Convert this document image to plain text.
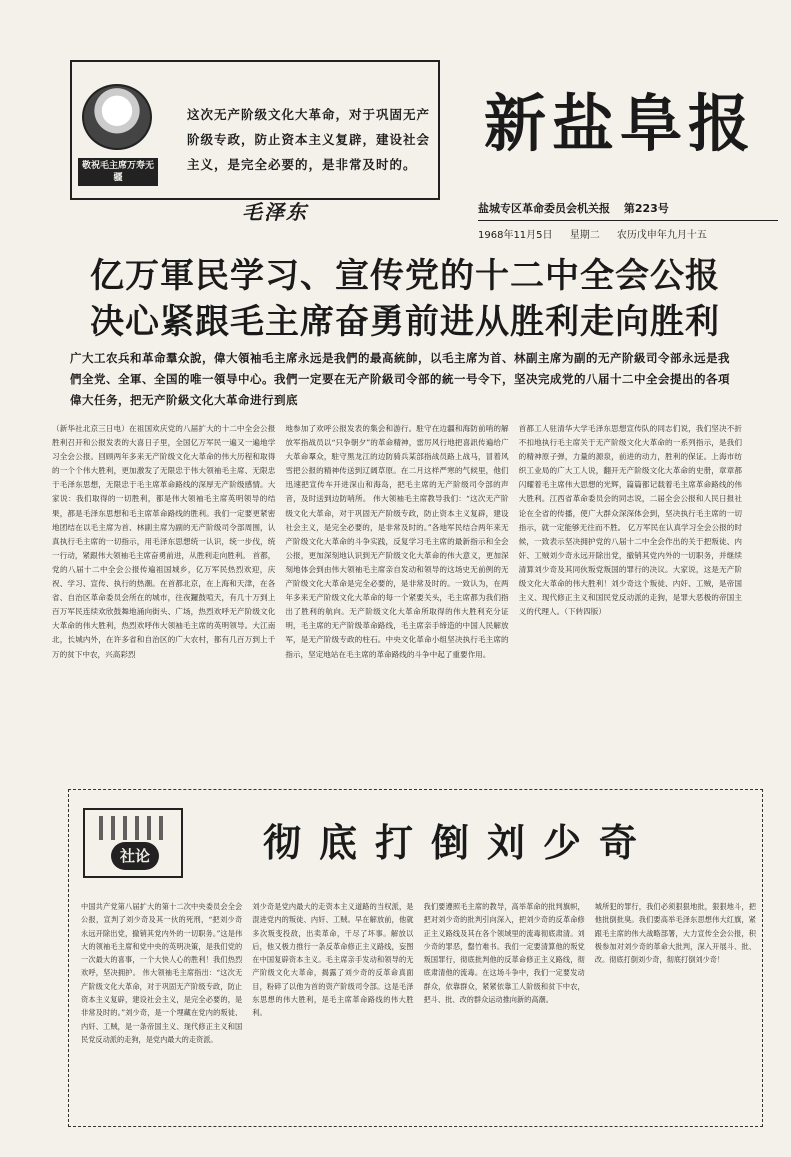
敬祝毛主席万寿无疆
这次无产阶级文化大革命，对于巩固无产阶级专政，防止资本主义复辟，建设社会主义，是完全必要的，是非常及时的。
毛泽东
新盐阜报
盐城专区革命委员会机关报 第223号
1968年11月5日 星期二 农历戊申年九月十五
亿万軍民学习、宣传党的十二中全会公报
决心紧跟毛主席奋勇前进从胜利走向胜利
广大工农兵和革命羣众說，偉大領袖毛主席永远是我們的最高統帥，以毛主席为首、林副主席为副的无产阶級司令部永远是我們全党、全軍、全国的唯一領导中心。我們一定要在无产阶級司令部的統一号令下，坚决完成党的八届十二中全会提出的各項偉大任务，把无产阶級文化大革命进行到底
（新华社北京三日电）在祖国欢庆党的八届扩大的十二中全会公报胜利召开和公报发表的大喜日子里，全国亿万军民一遍又一遍地学习全会公报。回顾两年多来无产阶级文化大革命的伟大历程和取得的一个个伟大胜利，更加激发了无限忠于伟大领袖毛主席、无限忠于毛泽东思想，无限忠于毛主席革命路线的深厚无产阶级感情。大家说：我们取得的一切胜利，都是伟大领袖毛主席英明领导的结果，都是毛泽东思想和毛主席革命路线的胜利。我们一定要更紧密地团结在以毛主席为首、林副主席为副的无产阶级司令部周围，认真执行毛主席的一切指示，用毛泽东思想统一认识，统一步伐，统一行动，紧跟伟大领袖毛主席奋勇前进，从胜利走向胜利。 首都，党的八届十二中全会公报传遍祖国城乡，亿万军民热烈欢迎，庆祝、学习、宣传、执行的热潮。在首都北京，在上海和天津，在各省、自治区革命委员会所在的城市，往夜鑼鼓喧天，有几十万到上百万军民连续欢欣鼓舞地涌向街头、广场，热烈欢呼无产阶级文化大革命的伟大胜利，热烈欢呼伟大领袖毛主席的英明领导。大江南北，长城内外，在许多省和自治区的广大农村，都有几百万到上千万的贫下中农，兴高彩烈
地参加了欢呼公报发表的集会和游行。駐守在边疆和海防前哨的解放军指战员以“只争朝夕”的革命精神，雷厉风行地把喜訊传遍给广大革命羣众，駐守黑龙江的边防骑兵某部指战员路上战马，冒着风雪把公报的精神传送到辽阔草原。在二月这样严寒的气候里，他们迅速把宣传车开进深山和海岛，把毛主席的无产阶级司令部的声音，及时送到边防哨所。 伟大领袖毛主席教导我们：“这次无产阶级文化大革命，对于巩固无产阶级专政，防止资本主义复辟，建设社会主义，是完全必要的，是非常及时的。”各地军民结合两年来无产阶级文化大革命的斗争实践，反复学习毛主席的最新指示和全会公报，更加深刻地认识到无产阶级文化大革命的伟大意义，更加深刻地体会到由伟大领袖毛主席亲自发动和领导的这场史无前例的无产阶级文化大革命是完全必要的，是非常及时的。一致认为，在两年多来无产阶级文化大革命的每一个紧要关头，毛主席都为我们指出了胜利的航向。无产阶级文化大革命所取得的伟大胜利充分证明，毛主席的无产阶级革命路线，毛主席亲手缔造的中国人民解放军，是无产阶级专政的柱石。中央文化革命小组坚决执行毛主席的指示，坚定地站在毛主席的革命路线的斗争中起了重要作用。
首都工人驻清华大学毛泽东思想宣传队的同志们说，我们坚决不折不扣地执行毛主席关于无产阶级文化大革命的一系列指示，是我们的精神原子弹，力量的源泉，前进的动力，胜利的保证。上海市纺织工业局的广大工人说，翻开无产阶级文化大革命的史册，章章都闪耀着毛主席伟大思想的光辉，篇篇都记载着毛主席革命路线的伟大胜利。江西省革命委员会的同志说，二届全会公报和人民日报社论在全省的传播，使广大群众深深体会到，坚决执行毛主席的一切指示，就一定能够无往而不胜。 亿万军民在认真学习全会公报的时候，一致表示坚决拥护党的八届十二中全会作出的关于把叛徒、内奸、工贼刘少奇永远开除出党，撤销其党内外的一切职务，并继续清算刘少奇及其同伙叛党叛国的罪行的决议。大家说，这是无产阶级文化大革命的伟大胜利！刘少奇这个叛徒、内奸、工贼，是帝国主义、现代修正主义和国民党反动派的走狗，是罪大恶极的帝国主义的代理人。（下转四版）
社论	彻底打倒刘少奇
中国共产党第八届扩大的第十二次中央委员会全会公报，宣判了刘少奇及其一伙的死刑，“把刘少奇永远开除出党，撤销其党内外的一切职务。”这是伟大的领袖毛主席和党中央的英明决策，是我们党的一次最大的喜事，一个大快人心的胜利！我们热烈欢呼，坚决拥护。 伟大领袖毛主席指出：“这次无产阶级文化大革命，对于巩固无产阶级专政，防止资本主义复辟，建设社会主义，是完全必要的，是非常及时的。”刘少奇，是一个埋藏在党内的叛徒、内奸、工贼，是一条帝国主义、现代修正主义和国民党反动派的走狗，是党内最大的走资派。
刘少奇是党内最大的走资本主义道路的当权派，是混进党内的叛徒、内奸、工贼。早在解放前，他就多次叛变投敌，出卖革命，干尽了坏事。解放以后，他又极力推行一条反革命修正主义路线，妄图在中国复辟资本主义。毛主席亲手发动和领导的无产阶级文化大革命，揭露了刘少奇的反革命真面目，粉碎了以他为首的资产阶级司令部。这是毛泽东思想的伟大胜利，是毛主席革命路线的伟大胜利。
我们要遵照毛主席的教导，高举革命的批判旗帜，把对刘少奇的批判引向深入，把刘少奇的反革命修正主义路线及其在各个领域里的流毒彻底肃清。刘少奇的罪恶，罄竹难书。我们一定要清算他的叛党叛国罪行，彻底批判他的反革命修正主义路线，彻底肃清他的流毒。在这场斗争中，我们一定要发动群众，依靠群众，紧紧依靠工人阶级和贫下中农，把斗、批、改的群众运动推向新的高潮。
城所犯的罪行，我们必须狠狠地批，狠狠地斗，把他批倒批臭。我们要高举毛泽东思想伟大红旗，紧跟毛主席的伟大战略部署，大力宣传全会公报，积极参加对刘少奇的革命大批判，深入开展斗、批、改。彻底打倒刘少奇，彻底打倒刘少奇！
